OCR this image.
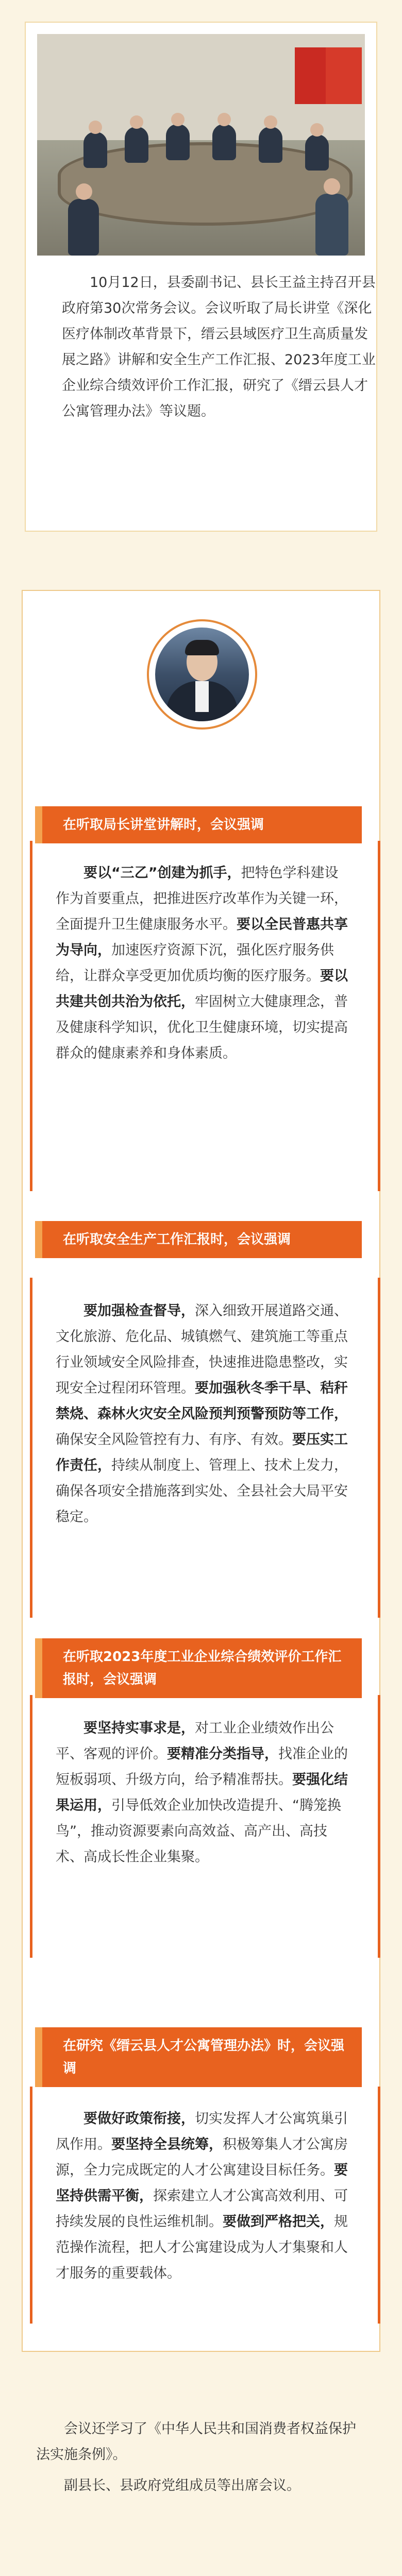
10月12日，县委副书记、县长王益主持召开县政府第30次常务会议。会议听取了局长讲堂《深化医疗体制改革背景下，缙云县域医疗卫生高质量发展之路》讲解和安全生产工作汇报、2023年度工业企业综合绩效评价工作汇报，研究了《缙云县人才公寓管理办法》等议题。

在听取局长讲堂讲解时，会议强调

要以“三乙”创建为抓手，把特色学科建设作为首要重点，把推进医疗改革作为关键一环，全面提升卫生健康服务水平。要以全民普惠共享为导向，加速医疗资源下沉，强化医疗服务供给，让群众享受更加优质均衡的医疗服务。要以共建共创共治为依托，牢固树立大健康理念，普及健康科学知识，优化卫生健康环境，切实提高群众的健康素养和身体素质。

在听取安全生产工作汇报时，会议强调

要加强检查督导，深入细致开展道路交通、文化旅游、危化品、城镇燃气、建筑施工等重点行业领域安全风险排查，快速推进隐患整改，实现安全过程闭环管理。要加强秋冬季干旱、秸秆禁烧、森林火灾安全风险预判预警预防等工作，确保安全风险管控有力、有序、有效。要压实工作责任，持续从制度上、管理上、技术上发力，确保各项安全措施落到实处、全县社会大局平安稳定。

在听取2023年度工业企业综合绩效评价工作汇报时，会议强调

要坚持实事求是，对工业企业绩效作出公平、客观的评价。要精准分类指导，找准企业的短板弱项、升级方向，给予精准帮扶。要强化结果运用，引导低效企业加快改造提升、“腾笼换鸟”，推动资源要素向高效益、高产出、高技术、高成长性企业集聚。

在研究《缙云县人才公寓管理办法》时，会议强调

要做好政策衔接，切实发挥人才公寓筑巢引凤作用。要坚持全县统筹，积极筹集人才公寓房源，全力完成既定的人才公寓建设目标任务。要坚持供需平衡，探索建立人才公寓高效利用、可持续发展的良性运维机制。要做到严格把关，规范操作流程，把人才公寓建设成为人才集聚和人才服务的重要载体。

会议还学习了《中华人民共和国消费者权益保护法实施条例》。

副县长、县政府党组成员等出席会议。
